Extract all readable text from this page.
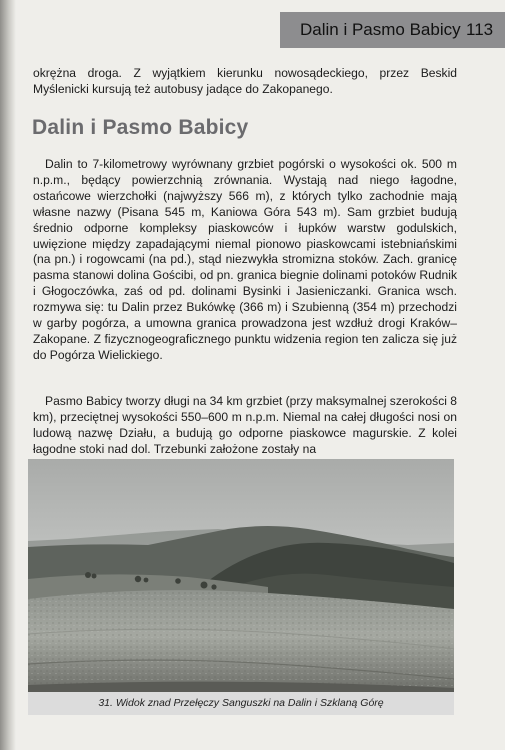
Dalin i Pasmo Babicy 113
okrężna droga. Z wyjątkiem kierunku nowosądeckiego, przez Beskid Myślenicki kursują też autobusy jadące do Zakopanego.
Dalin i Pasmo Babicy
Dalin to 7-kilometrowy wyrównany grzbiet pogórski o wysokości ok. 500 m n.p.m., będący powierzchnią zrównania. Wystają nad niego łagodne, ostańcowe wierzchołki (najwyższy 566 m), z których tylko zachodnie mają własne nazwy (Pisana 545 m, Kaniowa Góra 543 m). Sam grzbiet budują średnio odporne kompleksy piaskowców i łupków warstw godulskich, uwięzione między zapadającymi niemal pionowo piaskowcami istebniańskimi (na pn.) i rogowcami (na pd.), stąd niezwykła stromizna stoków. Zach. granicę pasma stanowi dolina Gościbi, od pn. granica biegnie dolinami potoków Rudnik i Głogoczówka, zaś od pd. dolinami Bysinki i Jasieniczanki. Granica wsch. rozmywa się: tu Dalin przez Bukówkę (366 m) i Szubienną (354 m) przechodzi w garby pogórza, a umowna granica prowadzona jest wzdłuż drogi Kraków–Zakopane. Z fizycznogeograficznego punktu widzenia region ten zalicza się już do Pogórza Wielickiego.
Pasmo Babicy tworzy długi na 34 km grzbiet (przy maksymalnej szerokości 8 km), przeciętnej wysokości 550–600 m n.p.m. Niemal na całej długości nosi on ludową nazwę Działu, a budują go odporne piaskowce magurskie. Z kolei łagodne stoki nad dol. Trzebunki założone zostały na
31. Widok znad Przełęczy Sanguszki na Dalin i Szklaną Górę
